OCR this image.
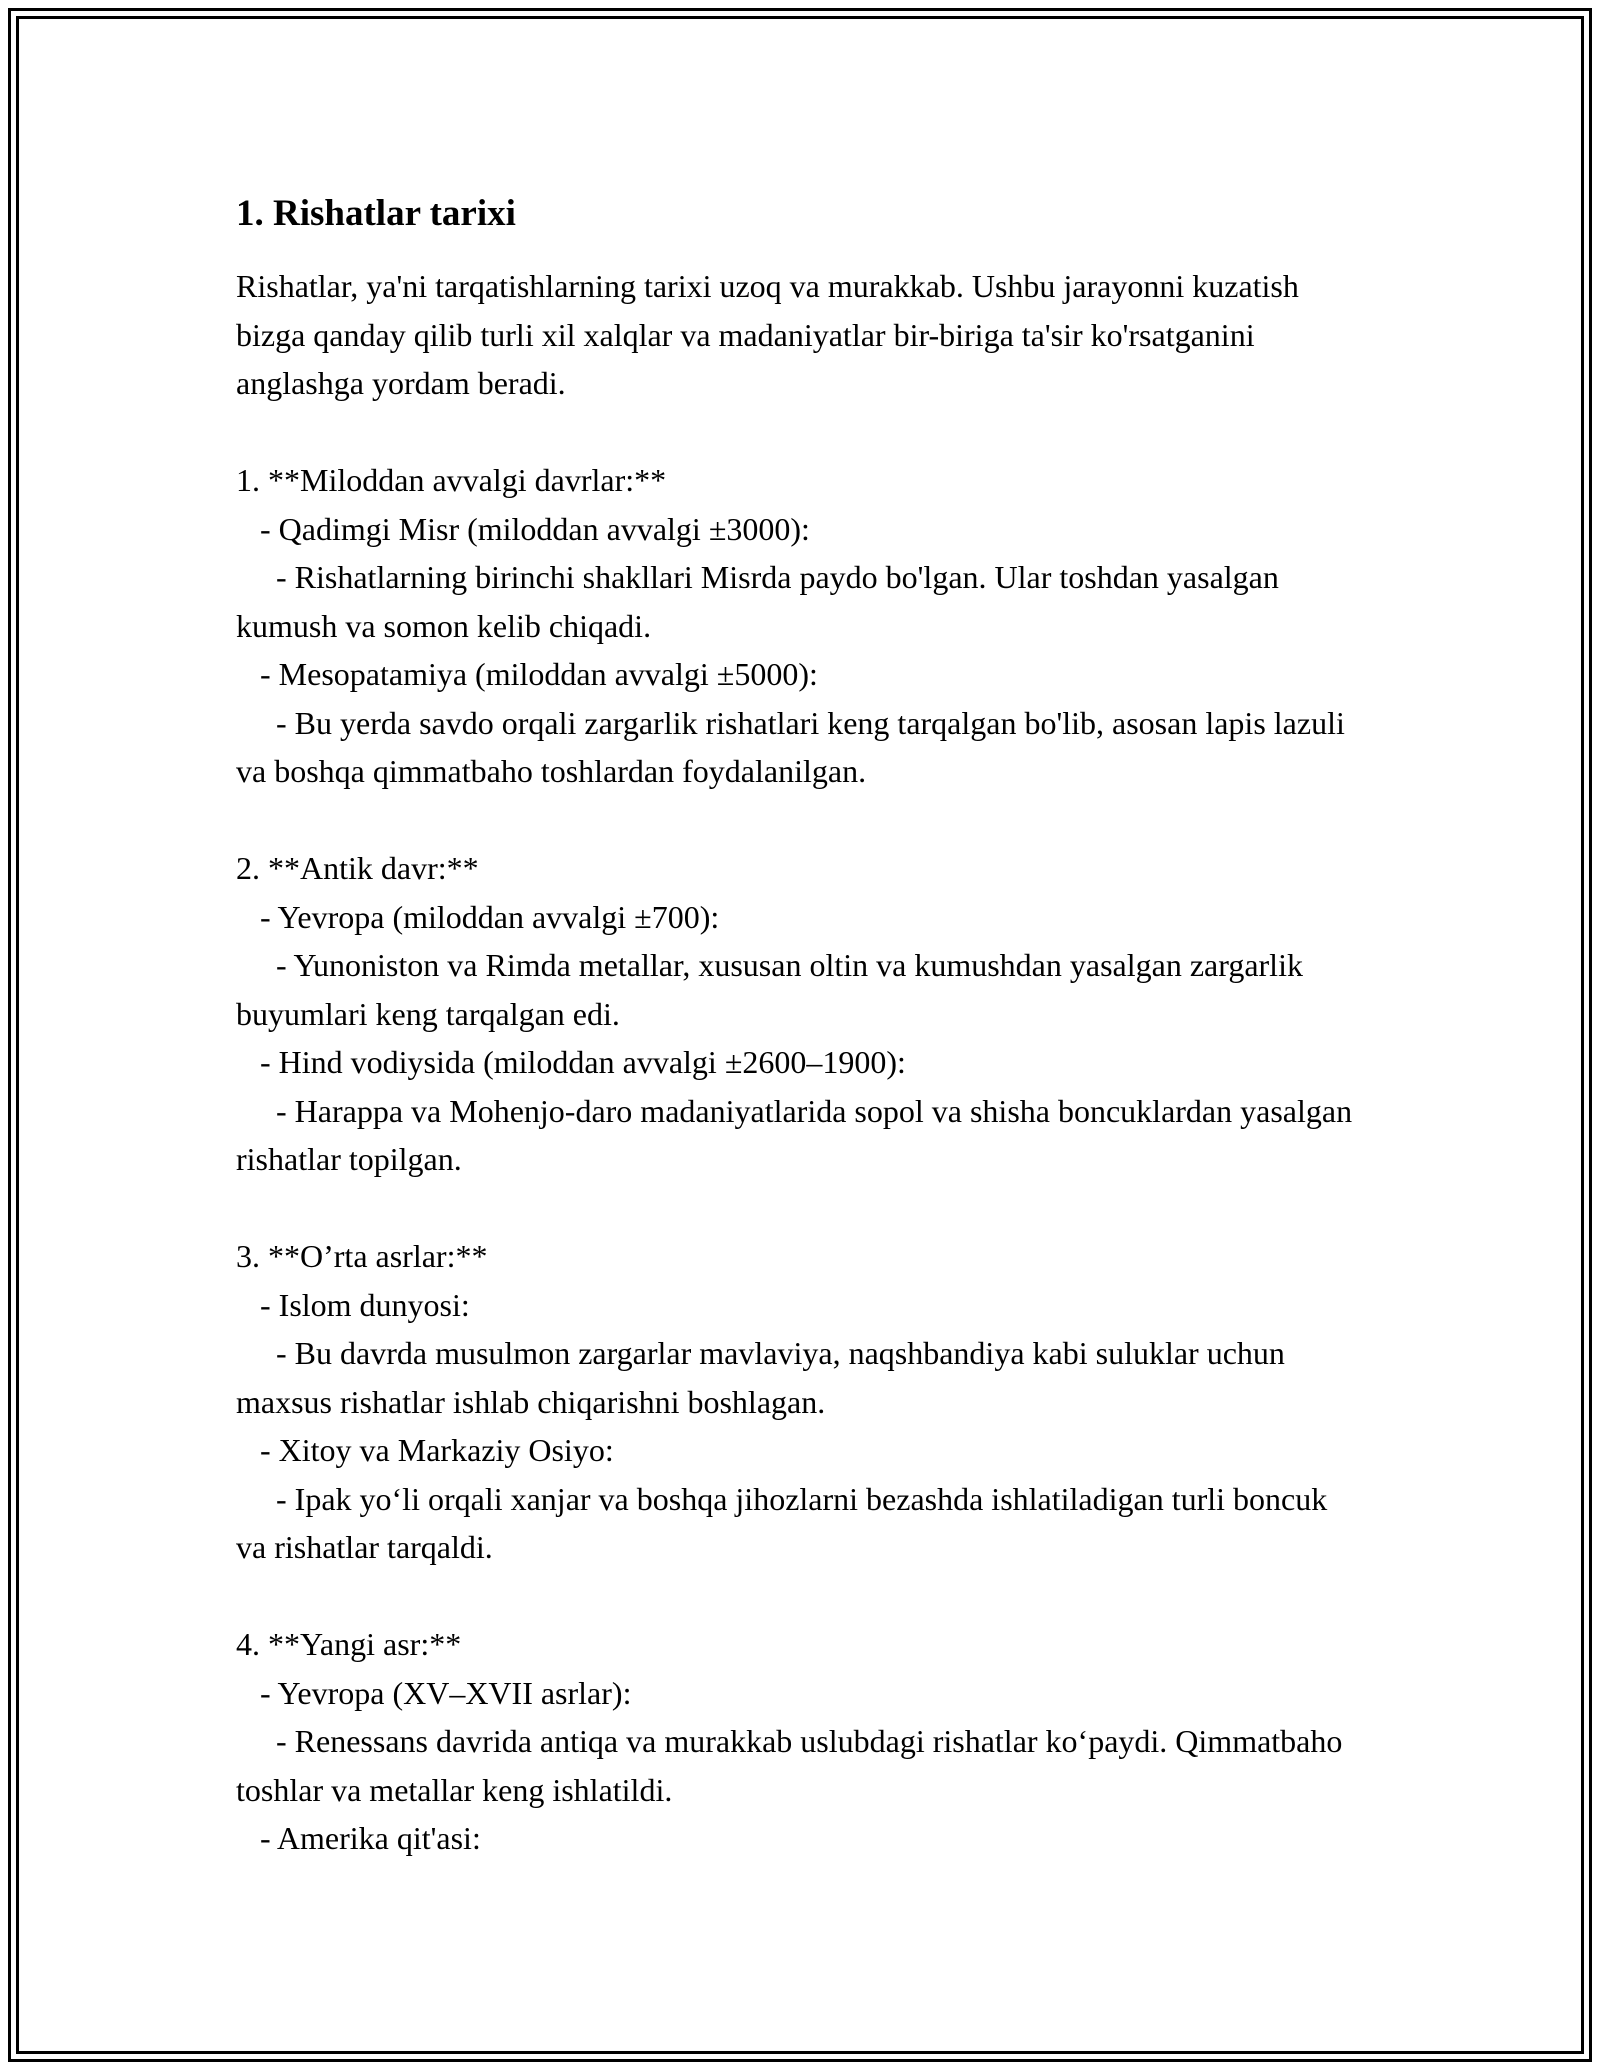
1. Rishatlar tarixi

Rishatlar, ya'ni tarqatishlarning tarixi uzoq va murakkab. Ushbu jarayonni kuzatish bizga qanday qilib turli xil xalqlar va madaniyatlar bir-biriga ta'sir ko'rsatganini anglashga yordam beradi.

1. **Miloddan avvalgi davrlar:**
- Qadimgi Misr (miloddan avvalgi ±3000):
- Rishatlarning birinchi shakllari Misrda paydo bo'lgan. Ular toshdan yasalgan kumush va somon kelib chiqadi.
- Mesopatamiya (miloddan avvalgi ±5000):
- Bu yerda savdo orqali zargarlik rishatlari keng tarqalgan bo'lib, asosan lapis lazuli va boshqa qimmatbaho toshlardan foydalanilgan.
2. **Antik davr:**
- Yevropa (miloddan avvalgi ±700):
- Yunoniston va Rimda metallar, xususan oltin va kumushdan yasalgan zargarlik buyumlari keng tarqalgan edi.
- Hind vodiysida (miloddan avvalgi ±2600–1900):
- Harappa va Mohenjo-daro madaniyatlarida sopol va shisha boncuklardan yasalgan rishatlar topilgan.
3. **O’rta asrlar:**
- Islom dunyosi:
- Bu davrda musulmon zargarlar mavlaviya, naqshbandiya kabi suluklar uchun maxsus rishatlar ishlab chiqarishni boshlagan.
- Xitoy va Markaziy Osiyo:
- Ipak yo‘li orqali xanjar va boshqa jihozlarni bezashda ishlatiladigan turli boncuk va rishatlar tarqaldi.
4. **Yangi asr:**
- Yevropa (XV–XVII asrlar):
- Renessans davrida antiqa va murakkab uslubdagi rishatlar ko‘paydi. Qimmatbaho toshlar va metallar keng ishlatildi.
- Amerika qit'asi:
